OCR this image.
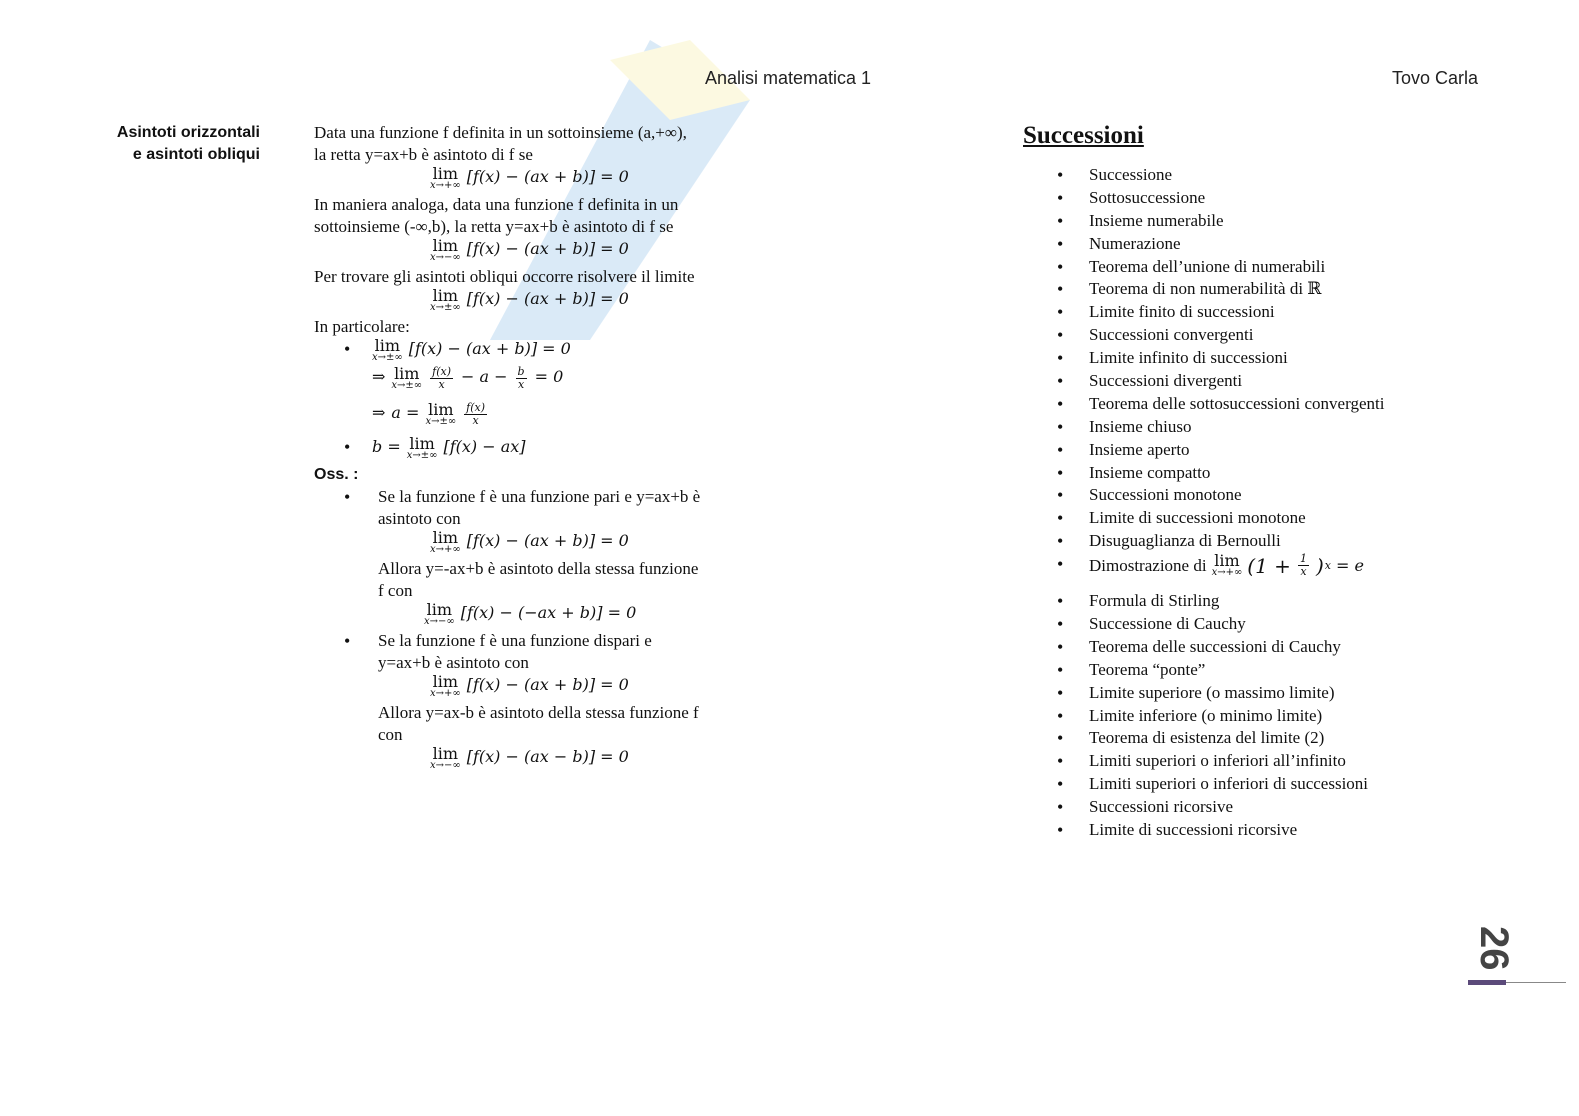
Analisi matematica 1	Tovo Carla
Asintoti orizzontali
e asintoti obliqui

Data una funzione f definita in un sottoinsieme (a,+∞),

la retta y=ax+b è asintoto di f se

lim
x→+∞ [f(x) − (ax + b)] = 0

In maniera analoga, data una funzione f definita in un

sottoinsieme (-∞,b), la retta y=ax+b è asintoto di f se

lim
x→−∞ [f(x) − (ax + b)] = 0

Per trovare gli asintoti obliqui occorre risolvere il limite

lim
x→±∞ [f(x) − (ax + b)] = 0

In particolare:

• lim
x→±∞ [f(x) − (ax + b)] = 0
⇒ lim
$x\to\pm\infty \frac{f(x)}{x} - a - \frac{b}{x} = 0$
⇒ a = lim
$x\to\pm\infty \frac{f(x)}{x}$
• b = lim
x→±∞ [f(x) − ax]

Oss. :

• Se la funzione f è una funzione pari e y=ax+b è
asintoto con
lim
x→+∞ [f(x) − (ax + b)] = 0
Allora y=-ax+b è asintoto della stessa funzione
f con
lim
x→−∞ [f(x) − (−ax + b)] = 0
• Se la funzione f è una funzione dispari e
y=ax+b è asintoto con
lim
x→+∞ [f(x) − (ax + b)] = 0
Allora y=ax-b è asintoto della stessa funzione f
con
lim
x→−∞ [f(x) − (ax − b)] = 0
Successioni
• Successione
• Sottosuccessione
• Insieme numerabile
• Numerazione
• Teorema dell’unione di numerabili
• Teorema di non numerabilità di ℝ
• Limite finito di successioni
• Successioni convergenti
• Limite infinito di successioni
• Successioni divergenti
• Teorema delle sottosuccessioni convergenti
• Insieme chiuso
• Insieme aperto
• Insieme compatto
• Successioni monotone
• Limite di successioni monotone
• Disuguaglianza di Bernoulli
• Dimostrazione di lim
x→+∞ ($1 + \frac{1}{x}$ ) x = e
• Formula di Stirling
• Successione di Cauchy
• Teorema delle successioni di Cauchy
• Teorema “ponte”
• Limite superiore (o massimo limite)
• Limite inferiore (o minimo limite)
• Teorema di esistenza del limite (2)
• Limiti superiori o inferiori all’infinito
• Limiti superiori o inferiori di successioni
• Successioni ricorsive
• Limite di successioni ricorsive
26
